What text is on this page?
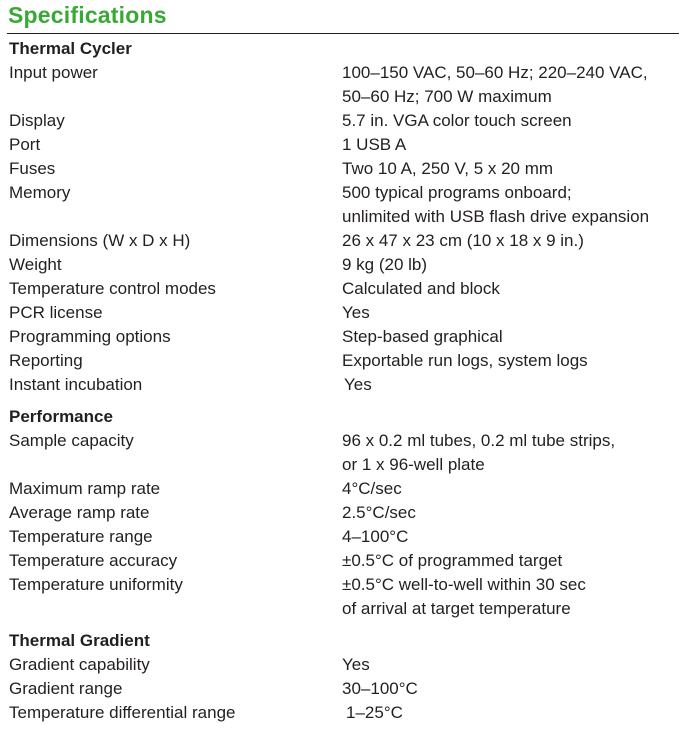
Specifications
Thermal Cycler
Input power	100–150 VAC, 50–60 Hz; 220–240 VAC,
50–60 Hz; 700 W maximum
Display	5.7 in. VGA color touch screen
Port	1 USB A
Fuses	Two 10 A, 250 V, 5 x 20 mm
Memory	500 typical programs onboard;
unlimited with USB flash drive expansion
Dimensions (W x D x H)	26 x 47 x 23 cm (10 x 18 x 9 in.)
Weight	9 kg (20 lb)
Temperature control modes	Calculated and block
PCR license	Yes
Programming options	Step-based graphical
Reporting	Exportable run logs, system logs
Instant incubation	Yes
Performance
Sample capacity	96 x 0.2 ml tubes, 0.2 ml tube strips,
or 1 x 96-well plate
Maximum ramp rate	4°C/sec
Average ramp rate	2.5°C/sec
Temperature range	4–100°C
Temperature accuracy	±0.5°C of programmed target
Temperature uniformity	±0.5°C well-to-well within 30 sec
of arrival at target temperature
Thermal Gradient
Gradient capability	Yes
Gradient range	30–100°C
Temperature differential range	1–25°C
